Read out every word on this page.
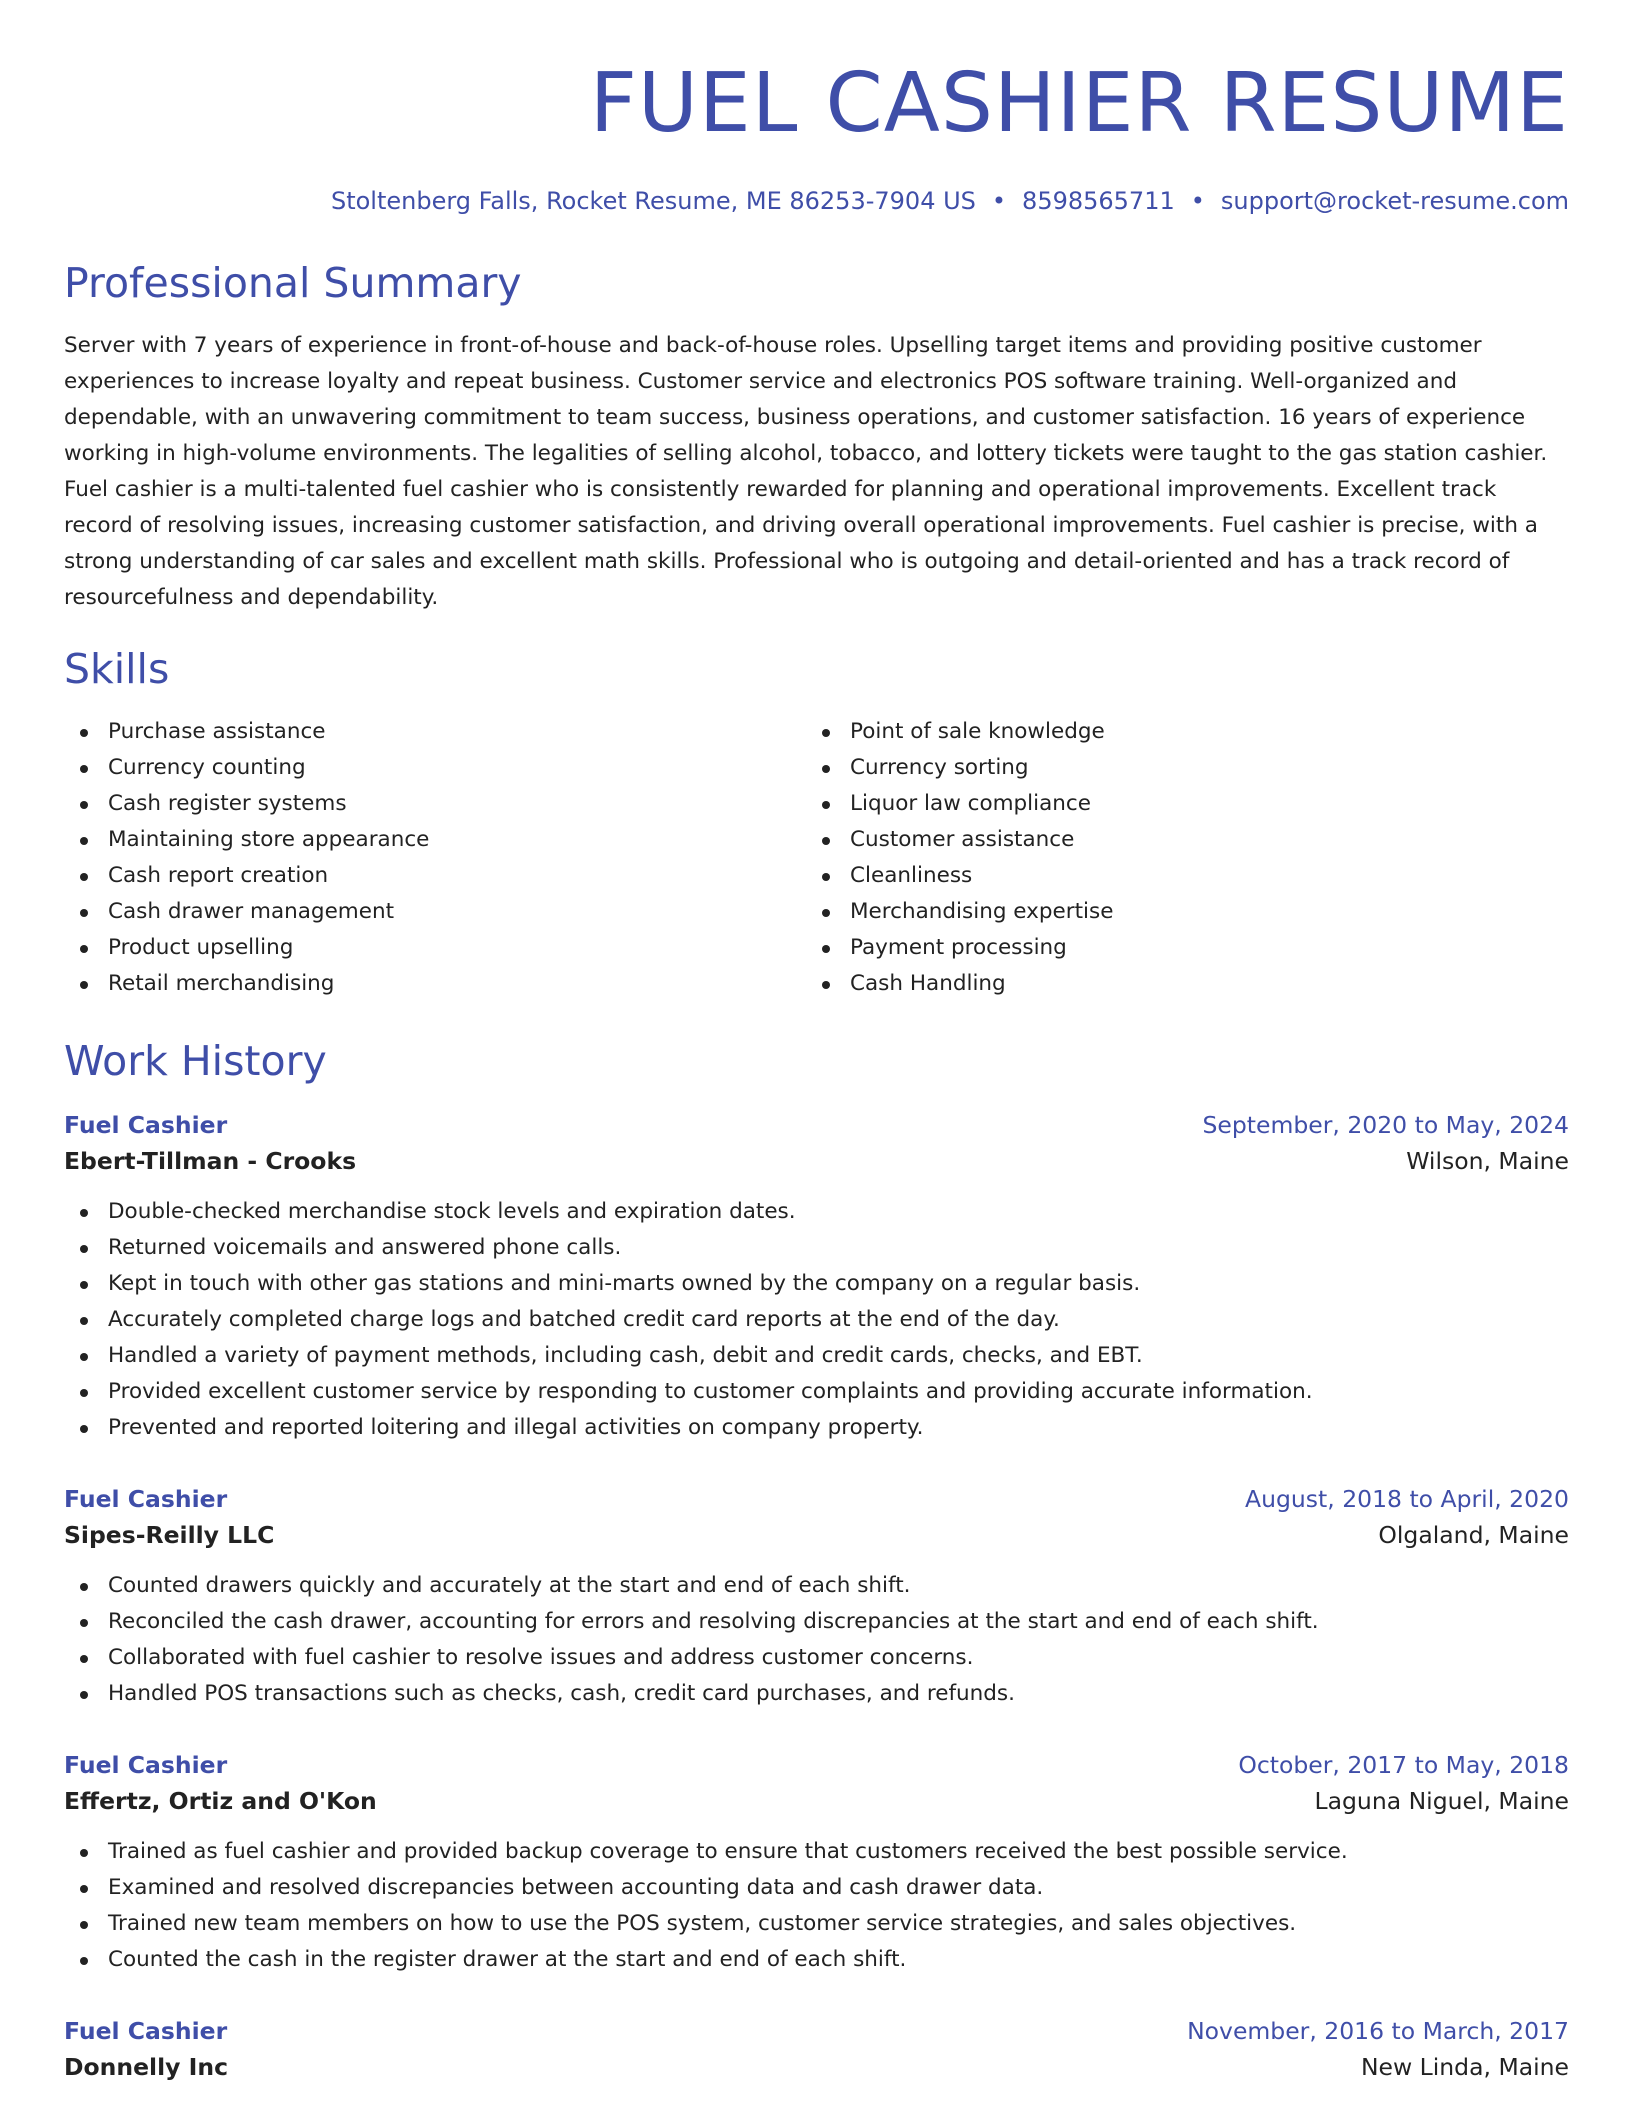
FUEL CASHIER RESUME
Stoltenberg Falls, Rocket Resume, ME 86253-7904 US • 8598565711 • support@rocket-resume.com
Professional Summary

Server with 7 years of experience in front-of-house and back-of-house roles. Upselling target items and providing positive customer experiences to increase loyalty and repeat business. Customer service and electronics POS software training. Well-organized and dependable, with an unwavering commitment to team success, business operations, and customer satisfaction. 16 years of experience working in high-volume environments. The legalities of selling alcohol, tobacco, and lottery tickets were taught to the gas station cashier. Fuel cashier is a multi-talented fuel cashier who is consistently rewarded for planning and operational improvements. Excellent track record of resolving issues, increasing customer satisfaction, and driving overall operational improvements. Fuel cashier is precise, with a strong understanding of car sales and excellent math skills. Professional who is outgoing and detail-oriented and has a track record of resourcefulness and dependability.

Skills
Purchase assistance
Currency counting
Cash register systems
Maintaining store appearance
Cash report creation
Cash drawer management
Product upselling
Retail merchandising
Point of sale knowledge
Currency sorting
Liquor law compliance
Customer assistance
Cleanliness
Merchandising expertise
Payment processing
Cash Handling
Work History
Fuel Cashier	September, 2020 to May, 2024
Ebert-Tillman - Crooks	Wilson, Maine
Double-checked merchandise stock levels and expiration dates.
Returned voicemails and answered phone calls.
Kept in touch with other gas stations and mini-marts owned by the company on a regular basis.
Accurately completed charge logs and batched credit card reports at the end of the day.
Handled a variety of payment methods, including cash, debit and credit cards, checks, and EBT.
Provided excellent customer service by responding to customer complaints and providing accurate information.
Prevented and reported loitering and illegal activities on company property.
Fuel Cashier	August, 2018 to April, 2020
Sipes-Reilly LLC	Olgaland, Maine
Counted drawers quickly and accurately at the start and end of each shift.
Reconciled the cash drawer, accounting for errors and resolving discrepancies at the start and end of each shift.
Collaborated with fuel cashier to resolve issues and address customer concerns.
Handled POS transactions such as checks, cash, credit card purchases, and refunds.
Fuel Cashier	October, 2017 to May, 2018
Effertz, Ortiz and O'Kon	Laguna Niguel, Maine
Trained as fuel cashier and provided backup coverage to ensure that customers received the best possible service.
Examined and resolved discrepancies between accounting data and cash drawer data.
Trained new team members on how to use the POS system, customer service strategies, and sales objectives.
Counted the cash in the register drawer at the start and end of each shift.
Fuel Cashier	November, 2016 to March, 2017
Donnelly Inc	New Linda, Maine
